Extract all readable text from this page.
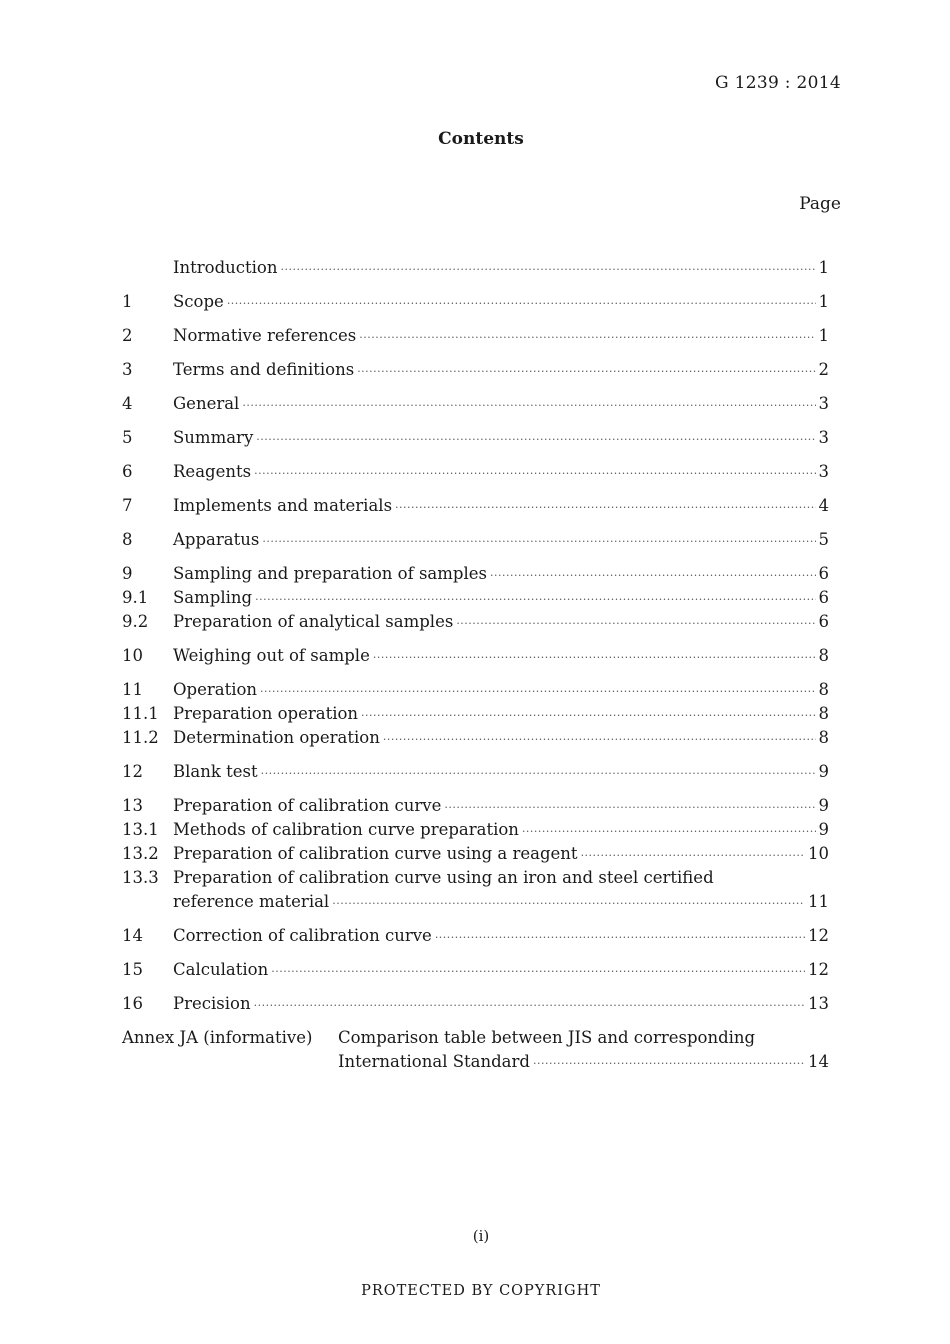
G 1239 : 2014
Contents
Page
Introduction ·····	1
1	Scope ·····	1
2	Normative references ·····	1
3	Terms and definitions ·····	2
4	General ·····	3
5	Summary ·····	3
6	Reagents ·····	3
7	Implements and materials ·····	4
8	Apparatus ·····	5
9	Sampling and preparation of samples ·····	6
9.1	Sampling ·····	6
9.2	Preparation of analytical samples ·····	6
10	Weighing out of sample ·····	8
11	Operation ·····	8
11.1 Preparation operation ·····	8
11.2 Determination operation ·····	8
12	Blank test ·····	9
13	Preparation of calibration curve ·····	9
13.1 Methods of calibration curve preparation ·····	9
13.2 Preparation of calibration curve using a reagent ·····	10
13.3 Preparation of calibration curve using an iron and steel certified
reference material ·····	11
14	Correction of calibration curve ·····	12
15	Calculation ·····	12
16	Precision ·····	13
Annex JA (informative)	Comparison table between JIS and corresponding
International Standard ·····	14
(i)
PROTECTED BY COPYRIGHT
